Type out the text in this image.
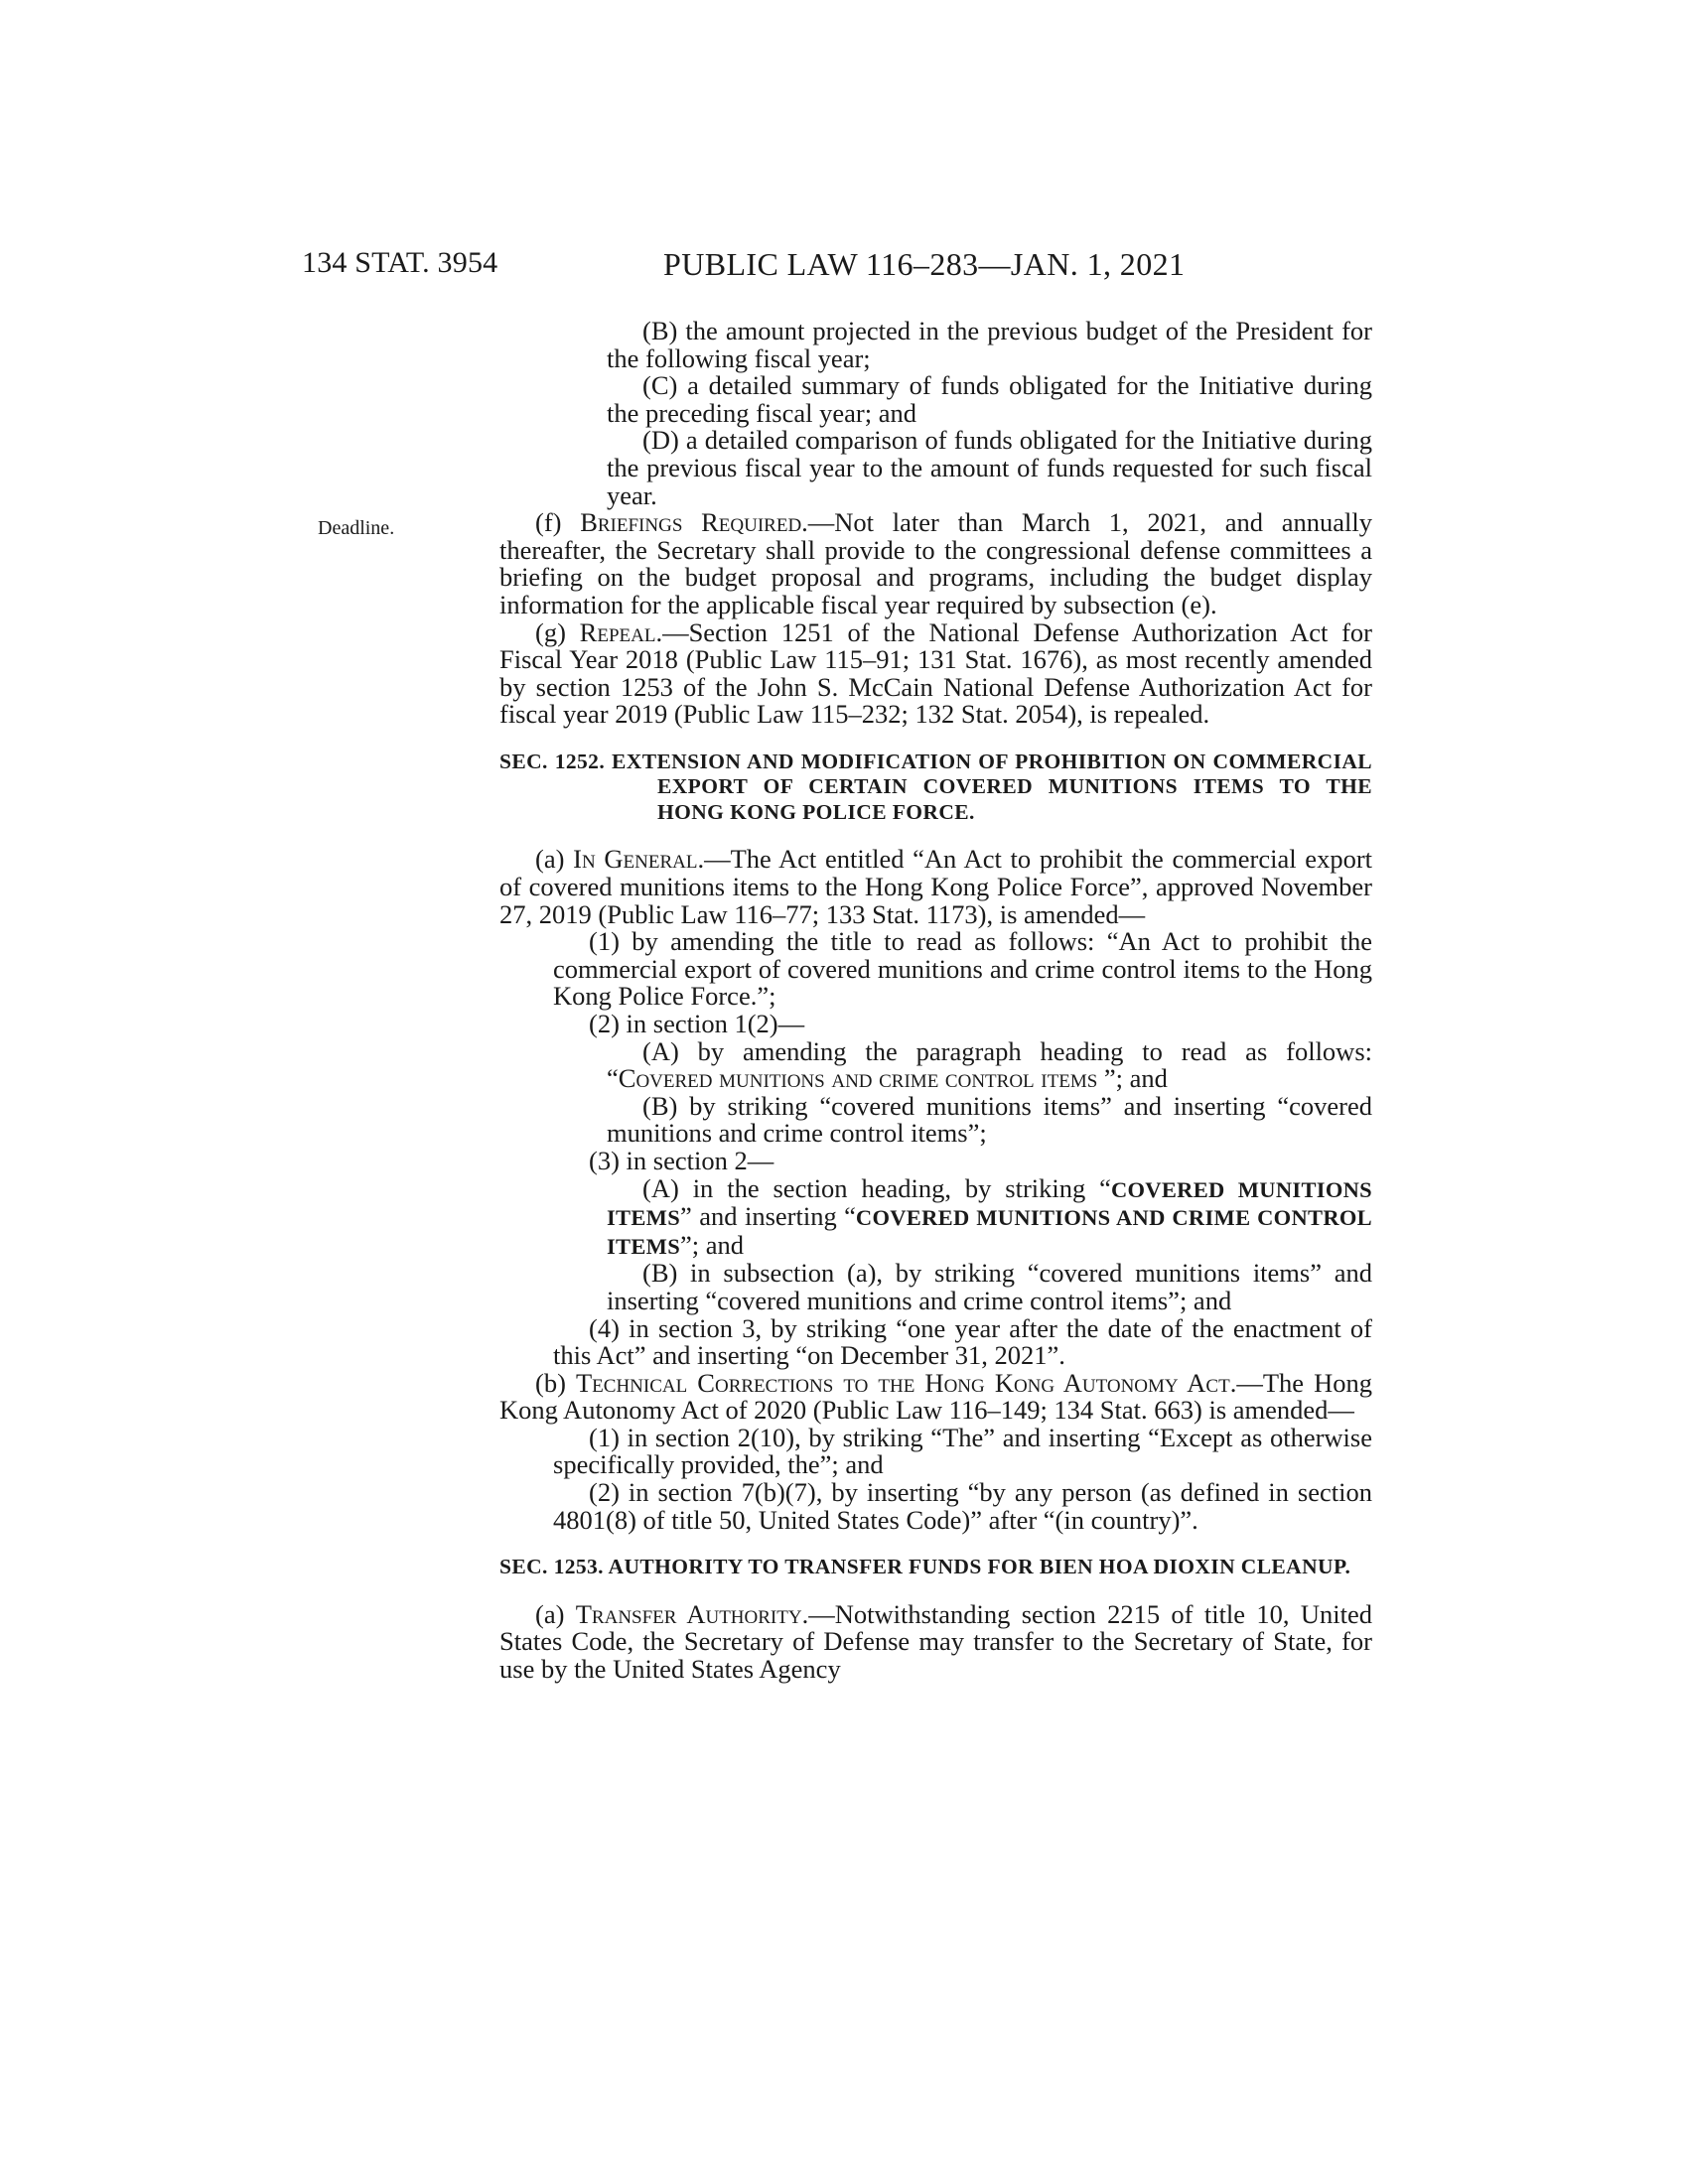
134 STAT. 3954	PUBLIC LAW 116–283—JAN. 1, 2021
Deadline.

(B) the amount projected in the previous budget of the President for the following fiscal year;

(C) a detailed summary of funds obligated for the Initiative during the preceding fiscal year; and

(D) a detailed comparison of funds obligated for the Initiative during the previous fiscal year to the amount of funds requested for such fiscal year.

(f) Briefings Required.—Not later than March 1, 2021, and annually thereafter, the Secretary shall provide to the congressional defense committees a briefing on the budget proposal and programs, including the budget display information for the applicable fiscal year required by subsection (e).

(g) Repeal.—Section 1251 of the National Defense Authorization Act for Fiscal Year 2018 (Public Law 115–91; 131 Stat. 1676), as most recently amended by section 1253 of the John S. McCain National Defense Authorization Act for fiscal year 2019 (Public Law 115–232; 132 Stat. 2054), is repealed.

SEC. 1252. EXTENSION AND MODIFICATION OF PROHIBITION ON COMMERCIAL EXPORT OF CERTAIN COVERED MUNITIONS ITEMS TO THE HONG KONG POLICE FORCE.

(a) In General.—The Act entitled “An Act to prohibit the commercial export of covered munitions items to the Hong Kong Police Force”, approved November 27, 2019 (Public Law 116–77; 133 Stat. 1173), is amended—

(1) by amending the title to read as follows: “An Act to prohibit the commercial export of covered munitions and crime control items to the Hong Kong Police Force.”;

(2) in section 1(2)—

(A) by amending the paragraph heading to read as follows: “Covered munitions and crime control items ”; and

(B) by striking “covered munitions items” and inserting “covered munitions and crime control items”;

(3) in section 2—

(A) in the section heading, by striking “COVERED MUNITIONS ITEMS” and inserting “COVERED MUNITIONS AND CRIME CONTROL ITEMS”; and

(B) in subsection (a), by striking “covered munitions items” and inserting “covered munitions and crime control items”; and

(4) in section 3, by striking “one year after the date of the enactment of this Act” and inserting “on December 31, 2021”.

(b) Technical Corrections to the Hong Kong Autonomy Act.—The Hong Kong Autonomy Act of 2020 (Public Law 116–149; 134 Stat. 663) is amended—

(1) in section 2(10), by striking “The” and inserting “Except as otherwise specifically provided, the”; and

(2) in section 7(b)(7), by inserting “by any person (as defined in section 4801(8) of title 50, United States Code)” after “(in country)”.

SEC. 1253. AUTHORITY TO TRANSFER FUNDS FOR BIEN HOA DIOXIN CLEANUP.

(a) Transfer Authority.—Notwithstanding section 2215 of title 10, United States Code, the Secretary of Defense may transfer to the Secretary of State, for use by the United States Agency
